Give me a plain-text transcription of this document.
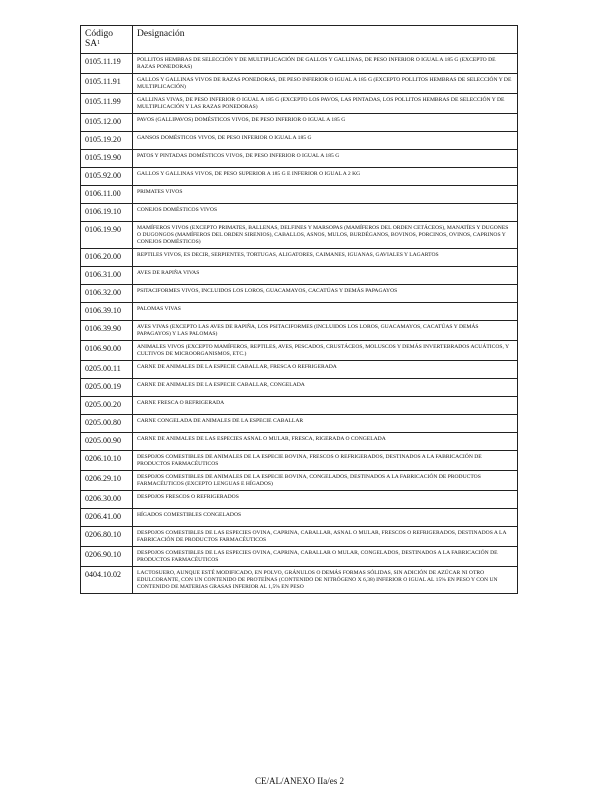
Código $SA^1$	Designación
0105.11.19	POLLITOS HEMBRAS DE SELECCIÓN Y DE MULTIPLICACIÓN DE GALLOS Y GALLINAS, DE PESO INFERIOR O IGUAL A 185 G (EXCEPTO DE RAZAS PONEDORAS)
0105.11.91	GALLOS Y GALLINAS VIVOS DE RAZAS PONEDORAS, DE PESO INFERIOR O IGUAL A 185 G (EXCEPTO POLLITOS HEMBRAS DE SELECCIÓN Y DE MULTIPLICACIÓN)
0105.11.99	GALLINAS VIVAS, DE PESO INFERIOR O IGUAL A 185 G (EXCEPTO LOS PAVOS, LAS PINTADAS, LOS POLLITOS HEMBRAS DE SELECCIÓN Y DE MULTIPLICACIÓN Y LAS RAZAS PONEDORAS)
0105.12.00	PAVOS (GALLIPAVOS) DOMÉSTICOS VIVOS, DE PESO INFERIOR O IGUAL A 185 G
0105.19.20	GANSOS DOMÉSTICOS VIVOS, DE PESO INFERIOR O IGUAL A 185 G
0105.19.90	PATOS Y PINTADAS DOMÉSTICOS VIVOS, DE PESO INFERIOR O IGUAL A 185 G
0105.92.00	GALLOS Y GALLINAS VIVOS, DE PESO SUPERIOR A 185 G E INFERIOR O IGUAL A 2 KG
0106.11.00	PRIMATES VIVOS
0106.19.10	CONEJOS DOMÉSTICOS VIVOS
0106.19.90	MAMÍFEROS VIVOS (EXCEPTO PRIMATES, BALLENAS, DELFINES Y MARSOPAS (MAMÍFEROS DEL ORDEN CETÁCEOS), MANATÍES Y DUGONES O DUGONGOS (MAMÍFEROS DEL ORDEN SIRENIOS), CABALLOS, ASNOS, MULOS, BURDÉGANOS, BOVINOS, PORCINOS, OVINOS, CAPRINOS Y CONEJOS DOMÉSTICOS)
0106.20.00	REPTILES VIVOS, ES DECIR, SERPIENTES, TORTUGAS, ALIGATORES, CAIMANES, IGUANAS, GAVIALES Y LAGARTOS
0106.31.00	AVES DE RAPIÑA VIVAS
0106.32.00	PSITACIFORMES VIVOS, INCLUIDOS LOS LOROS, GUACAMAYOS, CACATÚAS Y DEMÁS PAPAGAYOS
0106.39.10	PALOMAS VIVAS
0106.39.90	AVES VIVAS (EXCEPTO LAS AVES DE RAPIÑA, LOS PSITACIFORMES (INCLUIDOS LOS LOROS, GUACAMAYOS, CACATÚAS Y DEMÁS PAPAGAYOS) Y LAS PALOMAS)
0106.90.00	ANIMALES VIVOS (EXCEPTO MAMÍFEROS, REPTILES, AVES, PESCADOS, CRUSTÁCEOS, MOLUSCOS Y DEMÁS INVERTEBRADOS ACUÁTICOS, Y CULTIVOS DE MICROORGANISMOS, ETC.)
0205.00.11	CARNE DE ANIMALES DE LA ESPECIE CABALLAR, FRESCA O REFRIGERADA
0205.00.19	CARNE DE ANIMALES DE LA ESPECIE CABALLAR, CONGELADA
0205.00.20	CARNE FRESCA O REFRIGERADA
0205.00.80	CARNE CONGELADA DE ANIMALES DE LA ESPECIE CABALLAR
0205.00.90	CARNE DE ANIMALES DE LAS ESPECIES ASNAL O MULAR, FRESCA, RIGERADA O CONGELADA
0206.10.10	DESPOJOS COMESTIBLES DE ANIMALES DE LA ESPECIE BOVINA, FRESCOS O REFRIGERADOS, DESTINADOS A LA FABRICACIÓN DE PRODUCTOS FARMACÉUTICOS
0206.29.10	DESPOJOS COMESTIBLES DE ANIMALES DE LA ESPECIE BOVINA, CONGELADOS, DESTINADOS A LA FABRICACIÓN DE PRODUCTOS FARMACÉUTICOS (EXCEPTO LENGUAS E HÍGADOS)
0206.30.00	DESPOJOS FRESCOS O REFRIGERADOS
0206.41.00	HÍGADOS COMESTIBLES CONGELADOS
0206.80.10	DESPOJOS COMESTIBLES DE LAS ESPECIES OVINA, CAPRINA, CABALLAR, ASNAL O MULAR, FRESCOS O REFRIGERADOS, DESTINADOS A LA FABRICACIÓN DE PRODUCTOS FARMACÉUTICOS
0206.90.10	DESPOJOS COMESTIBLES DE LAS ESPECIES OVINA, CAPRINA, CABALLAR O MULAR, CONGELADOS, DESTINADOS A LA FABRICACIÓN DE PRODUCTOS FARMACÉUTICOS
0404.10.02	LACTOSUERO, AUNQUE ESTÉ MODIFICADO, EN POLVO, GRÁNULOS O DEMÁS FORMAS SÓLIDAS, SIN ADICIÓN DE AZÚCAR NI OTRO EDULCORANTE, CON UN CONTENIDO DE PROTEÍNAS (CONTENIDO DE NITRÓGENO X 6,38) INFERIOR O IGUAL AL 15% EN PESO Y CON UN CONTENIDO DE MATERIAS GRASAS INFERIOR AL 1,5% EN PESO
CE/AL/ANEXO IIa/es 2
